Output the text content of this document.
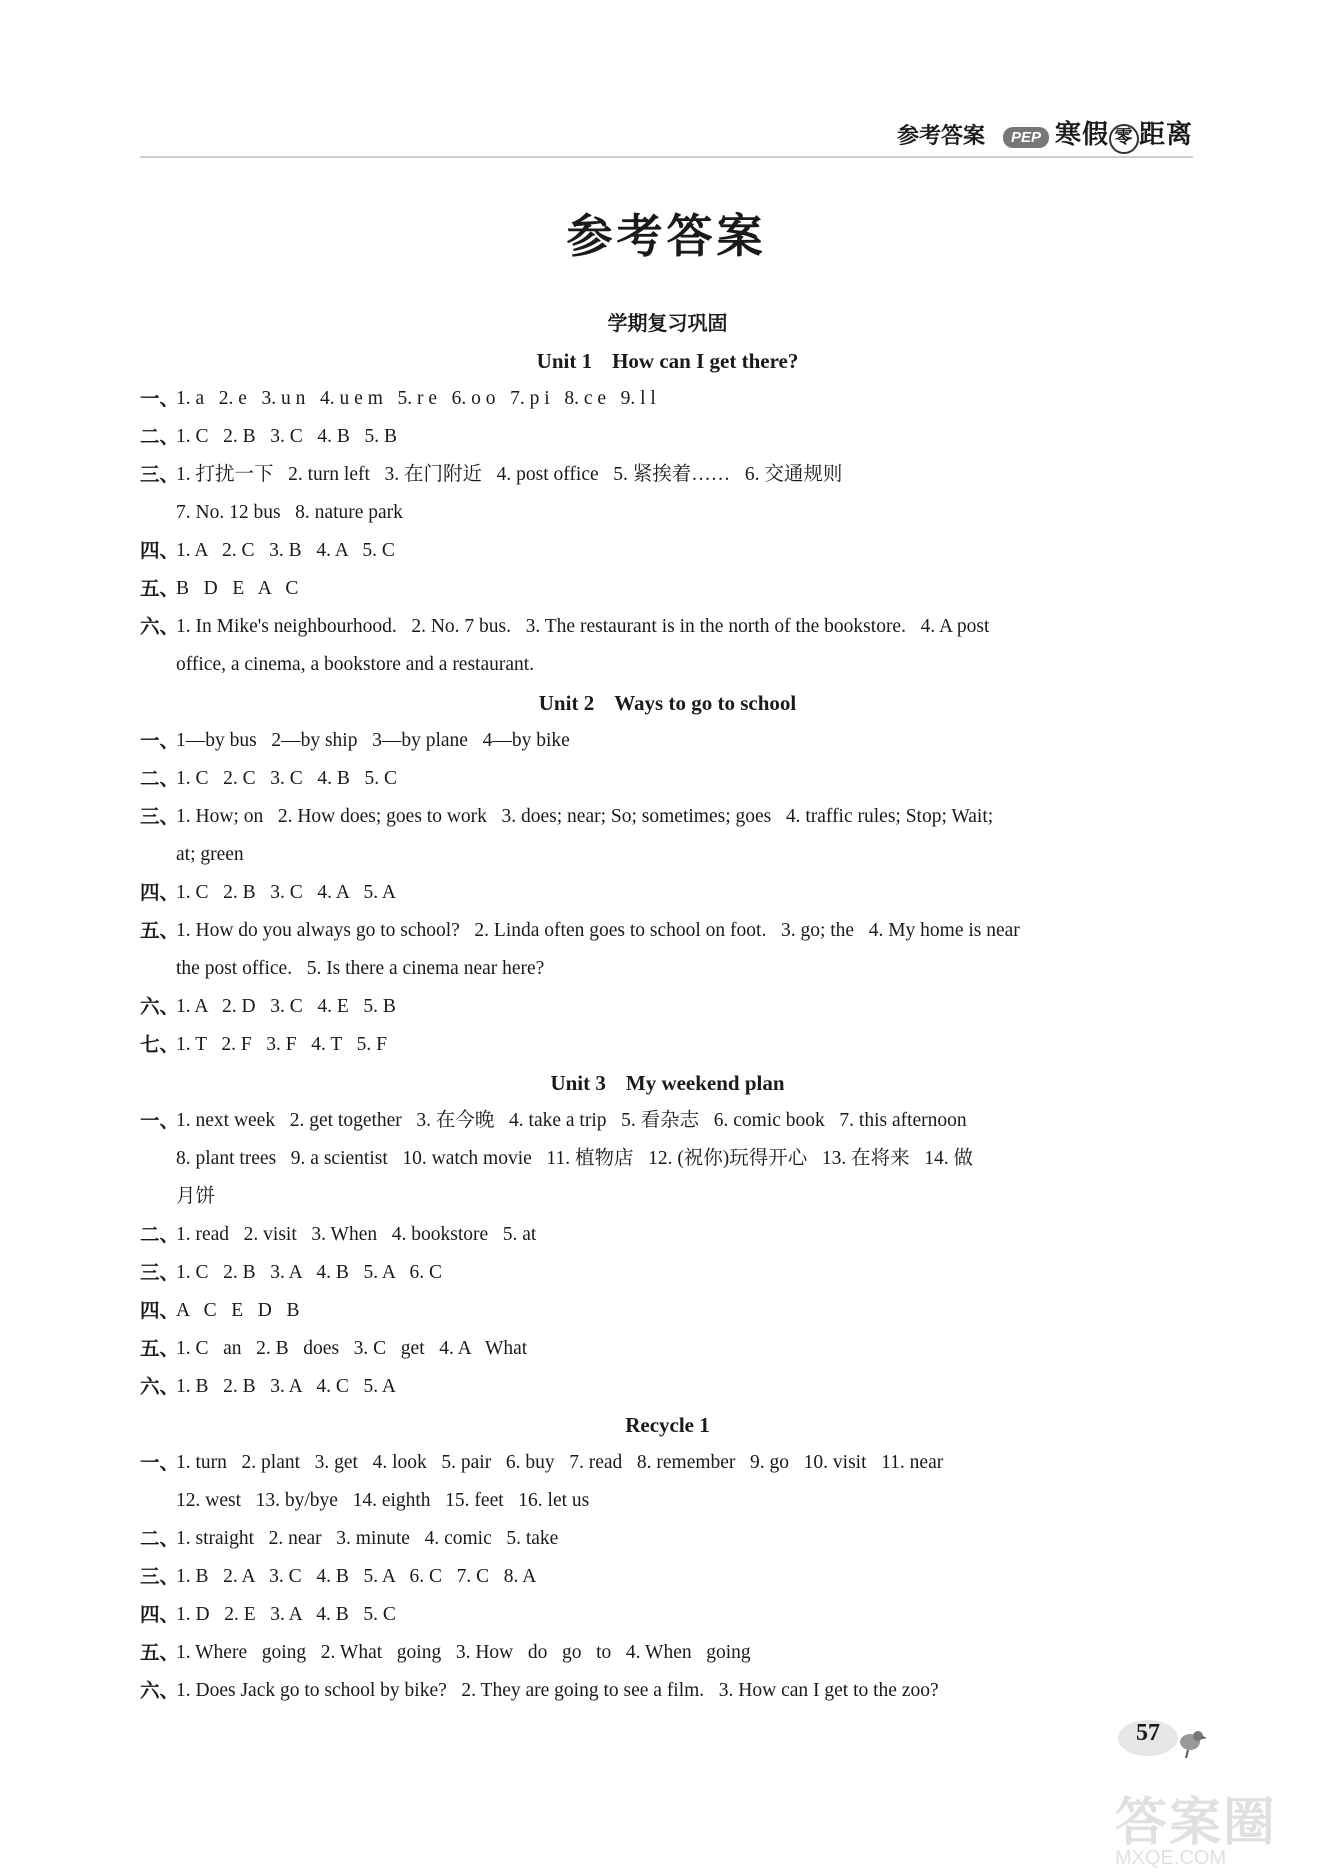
参考答案	PEP 寒假 零 距离
参考答案
学期复习巩固
Unit 1 How can I get there?
一、
1. a   2. e   3. u n   4. u e m   5. r e   6. o o   7. p i   8. c e   9. l l
二、
1. C   2. B   3. C   4. B   5. B
三、
1. 打扰一下   2. turn left   3. 在门附近   4. post office   5. 紧挨着……   6. 交通规则
7. No. 12 bus   8. nature park
四、
1. A   2. C   3. B   4. A   5. C
五、
B   D   E   A   C
六、
1. In Mike's neighbourhood.   2. No. 7 bus.   3. The restaurant is in the north of the bookstore.   4. A post
office, a cinema, a bookstore and a restaurant.
Unit 2 Ways to go to school
一、
1—by bus   2—by ship   3—by plane   4—by bike
二、
1. C   2. C   3. C   4. B   5. C
三、
1. How; on   2. How does; goes to work   3. does; near; So; sometimes; goes   4. traffic rules; Stop; Wait;
at; green
四、
1. C   2. B   3. C   4. A   5. A
五、
1. How do you always go to school?   2. Linda often goes to school on foot.   3. go; the   4. My home is near
the post office.   5. Is there a cinema near here?
六、
1. A   2. D   3. C   4. E   5. B
七、
1. T   2. F   3. F   4. T   5. F
Unit 3 My weekend plan
一、
1. next week   2. get together   3. 在今晚   4. take a trip   5. 看杂志   6. comic book   7. this afternoon
8. plant trees   9. a scientist   10. watch movie   11. 植物店   12. (祝你)玩得开心   13. 在将来   14. 做
月饼
二、
1. read   2. visit   3. When   4. bookstore   5. at
三、
1. C   2. B   3. A   4. B   5. A   6. C
四、
A   C   E   D   B
五、
1. C   an   2. B   does   3. C   get   4. A   What
六、
1. B   2. B   3. A   4. C   5. A
Recycle 1
一、
1. turn   2. plant   3. get   4. look   5. pair   6. buy   7. read   8. remember   9. go   10. visit   11. near
12. west   13. by/bye   14. eighth   15. feet   16. let us
二、
1. straight   2. near   3. minute   4. comic   5. take
三、
1. B   2. A   3. C   4. B   5. A   6. C   7. C   8. A
四、
1. D   2. E   3. A   4. B   5. C
五、
1. Where   going   2. What   going   3. How   do   go   to   4. When   going
六、
1. Does Jack go to school by bike?   2. They are going to see a film.   3. How can I get to the zoo?
57
答案圈
MXQE.COM
